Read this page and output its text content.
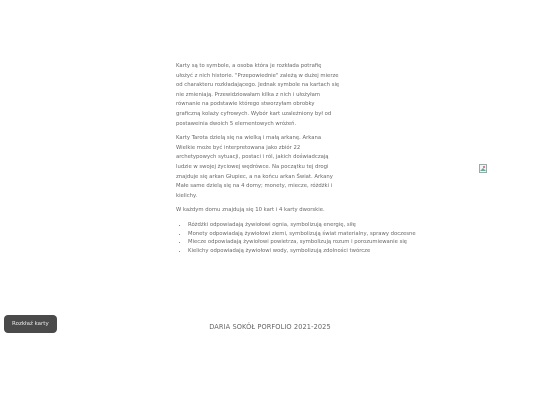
Karty są to symbole, a osoba która je rozkłada potrafię ułożyć z nich historie. "Przepowiednie" zależą w dużej mierze od charakteru rozkładającego. Jednak symbole na kartach się nie zmieniają. Przewidziowałam kilka z nich i ułożyłam równanie na podstawie którego stworzyłam obrobky graficzną kolaży cyfrowych. Wybór kart uzależniony był od postaweinia dwoich 5 elementowych wróżeń.

Karty Tarota dzielą się na wielką i małą arkanę. Arkana Wielkie może być interpretowana jako zbiór 22 archetypowych sytuacji, postaci i ról, jakich doświadczają ludzie w swojej życiowej wędrówce. Na początku tej drogi znajduje się arkan Głupiec, a na końcu arkan Świat. Arkany Małe same dzielą się na 4 domy; monety, miecze, różdżki i kielichy.

W każdym domu znajdują się 10 kart i 4 karty dworskie.

• Różdżki odpowiadają żywiołowi ognia, symbolizują energię, siłę
• Monety odpowiadają żywiołowi ziemi, symbolizują świat materialny, sprawy doczesne
• Miecze odpowiadają żywiołowi powietrza, symbolizują rozum i porozumiewanie się
• Kielichy odpowiadają żywiołowi wody, symbolizują zdolności twórcze
Rozkłaź karty	DARIA SOKÓŁ PORFOLIO 2021-2025
